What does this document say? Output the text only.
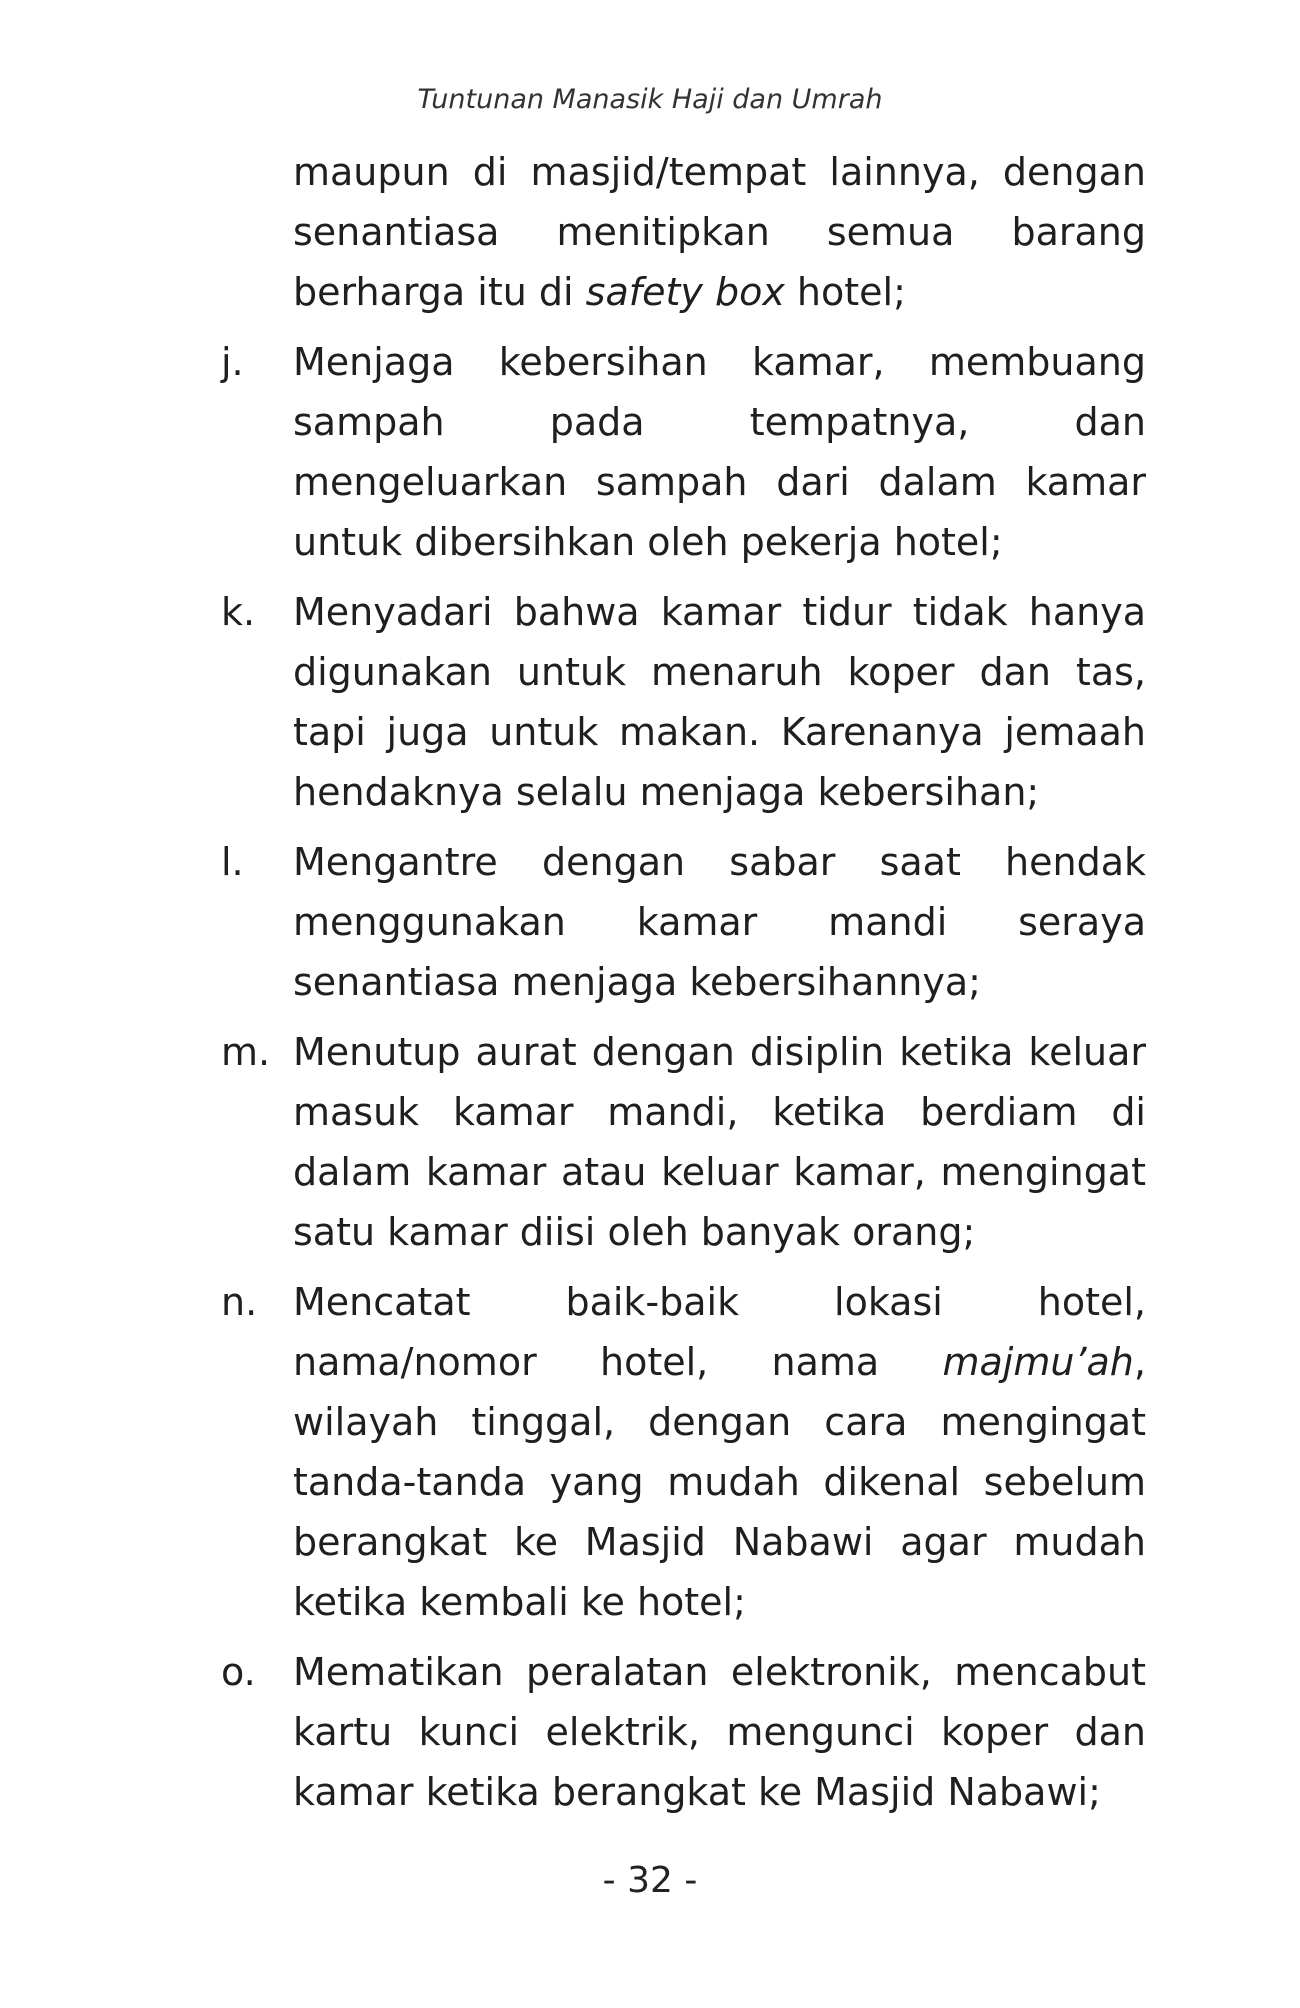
Tuntunan Manasik Haji dan Umrah

maupun di masjid/tempat lainnya, dengan senantiasa menitipkan semua barang berharga itu di safety box hotel;

j. Menjaga kebersihan kamar, membuang sampah pada tempatnya, dan mengeluarkan sampah dari dalam kamar untuk dibersihkan oleh pekerja hotel;
k. Menyadari bahwa kamar tidur tidak hanya digunakan untuk menaruh koper dan tas, tapi juga untuk makan. Karenanya jemaah hendaknya selalu menjaga kebersihan;
l. Mengantre dengan sabar saat hendak menggunakan kamar mandi seraya senantiasa menjaga kebersihannya;
m. Menutup aurat dengan disiplin ketika keluar masuk kamar mandi, ketika berdiam di dalam kamar atau keluar kamar, mengingat satu kamar diisi oleh banyak orang;
n. Mencatat baik-baik lokasi hotel, nama/nomor hotel, nama majmu’ah, wilayah tinggal, dengan cara mengingat tanda-tanda yang mudah dikenal sebelum berangkat ke Masjid Nabawi agar mudah ketika kembali ke hotel;
o. Mematikan peralatan elektronik, mencabut kartu kunci elektrik, mengunci koper dan kamar ketika berangkat ke Masjid Nabawi;
- 32 -
